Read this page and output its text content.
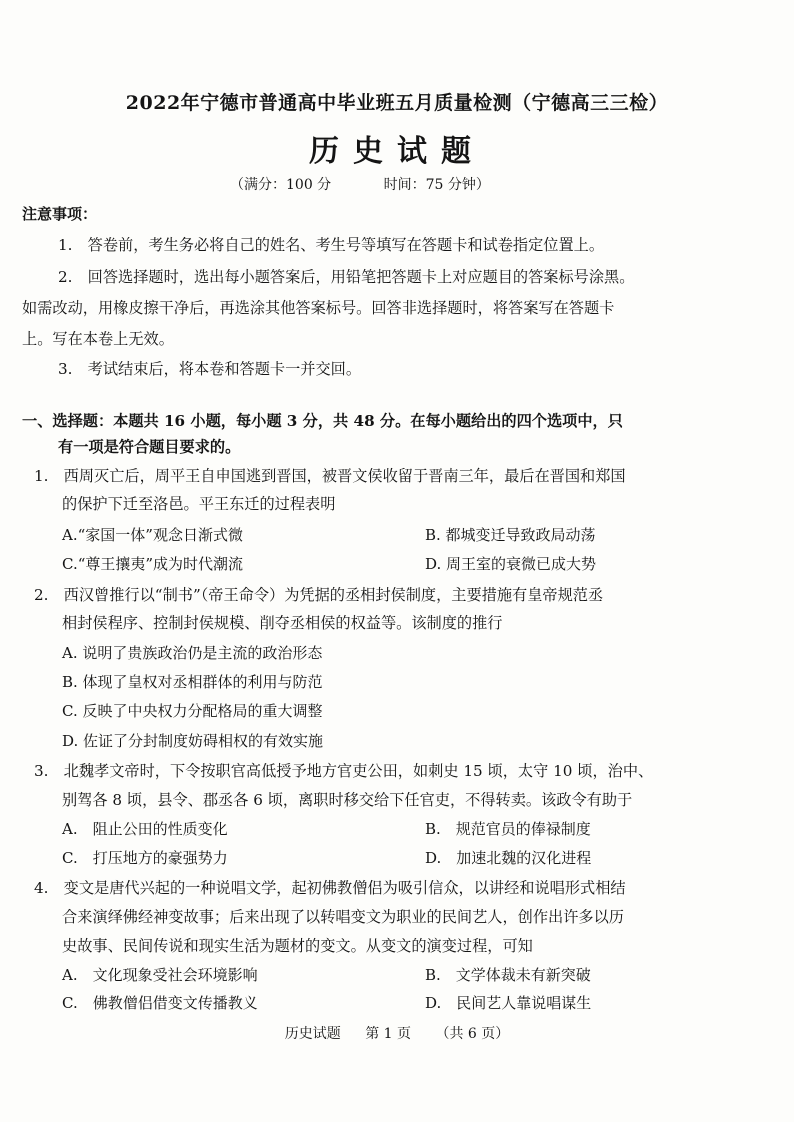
2022年宁德市普通高中毕业班五月质量检测（宁德高三三检）
历史试题
（满分：100 分	时间：75 分钟）
注意事项：
1.　答卷前，考生务必将自己的姓名、考生号等填写在答题卡和试卷指定位置上。
2.　回答选择题时，选出每小题答案后，用铅笔把答题卡上对应题目的答案标号涂黑。
如需改动，用橡皮擦干净后，再选涂其他答案标号。回答非选择题时，将答案写在答题卡
上。写在本卷上无效。
3.　考试结束后，将本卷和答题卡一并交回。
一、选择题：本题共 16 小题，每小题 3 分，共 48 分。在每小题给出的四个选项中，只
有一项是符合题目要求的。
1.　西周灭亡后，周平王自申国逃到晋国，被晋文侯收留于晋南三年，最后在晋国和郑国
的保护下迁至洛邑。平王东迁的过程表明
A.“家国一体”观念日渐式微	B. 都城变迁导致政局动荡
C.“尊王攘夷”成为时代潮流	D. 周王室的衰微已成大势
2.　西汉曾推行以“制书”（帝王命令）为凭据的丞相封侯制度，主要措施有皇帝规范丞
相封侯程序、控制封侯规模、削夺丞相侯的权益等。该制度的推行
A. 说明了贵族政治仍是主流的政治形态
B. 体现了皇权对丞相群体的利用与防范
C. 反映了中央权力分配格局的重大调整
D. 佐证了分封制度妨碍相权的有效实施
3.　北魏孝文帝时，下令按职官高低授予地方官吏公田，如刺史 15 顷，太守 10 顷，治中、
别驾各 8 顷，县令、郡丞各 6 顷，离职时移交给下任官吏，不得转卖。该政令有助于
A.　阻止公田的性质变化	B.　规范官员的俸禄制度
C.　打压地方的豪强势力	D.　加速北魏的汉化进程
4.　变文是唐代兴起的一种说唱文学，起初佛教僧侣为吸引信众，以讲经和说唱形式相结
合来演绎佛经神变故事；后来出现了以转唱变文为职业的民间艺人，创作出许多以历
史故事、民间传说和现实生活为题材的变文。从变文的演变过程，可知
A.　文化现象受社会环境影响	B.　文学体裁未有新突破
C.　佛教僧侣借变文传播教义	D.　民间艺人靠说唱谋生
历史试题 第 1 页 （共 6 页）
